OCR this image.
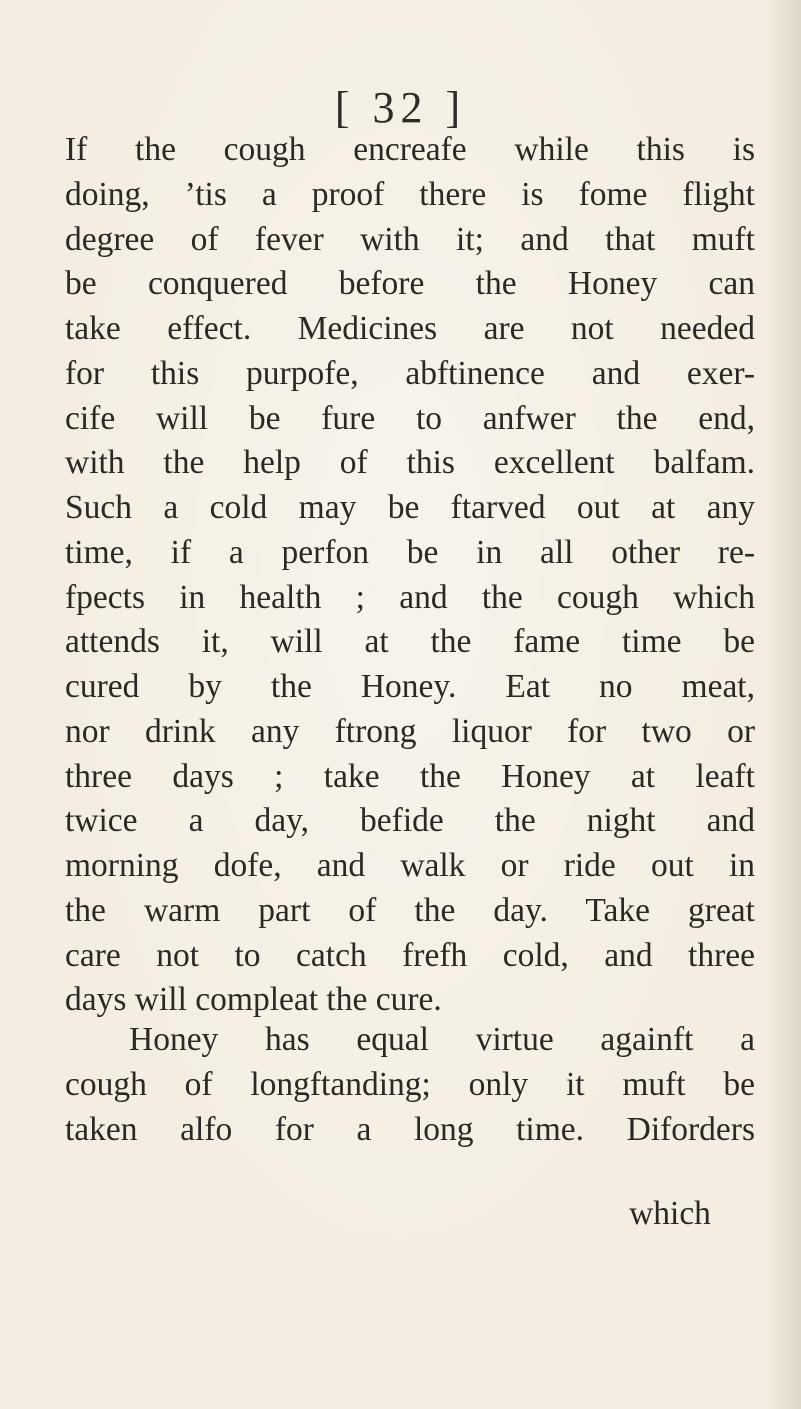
[ 32 ]
If the cough encreafe while this is
doing, ’tis a proof there is fome flight
degree of fever with it; and that muft
be conquered before the Honey can
take effect. Medicines are not needed
for this purpofe, abftinence and exer-
cife will be fure to anfwer the end,
with the help of this excellent balfam.
Such a cold may be ftarved out at any
time, if a perfon be in all other re-
fpects in health ; and the cough which
attends it, will at the fame time be
cured by the Honey. Eat no meat,
nor drink any ftrong liquor for two or
three days ; take the Honey at leaft
twice a day, befide the night and
morning dofe, and walk or ride out in
the warm part of the day. Take great
care not to catch frefh cold, and three
days will compleat the cure.
Honey has equal virtue againft a
cough of longftanding; only it muft be
taken alfo for a long time. Diforders
which
